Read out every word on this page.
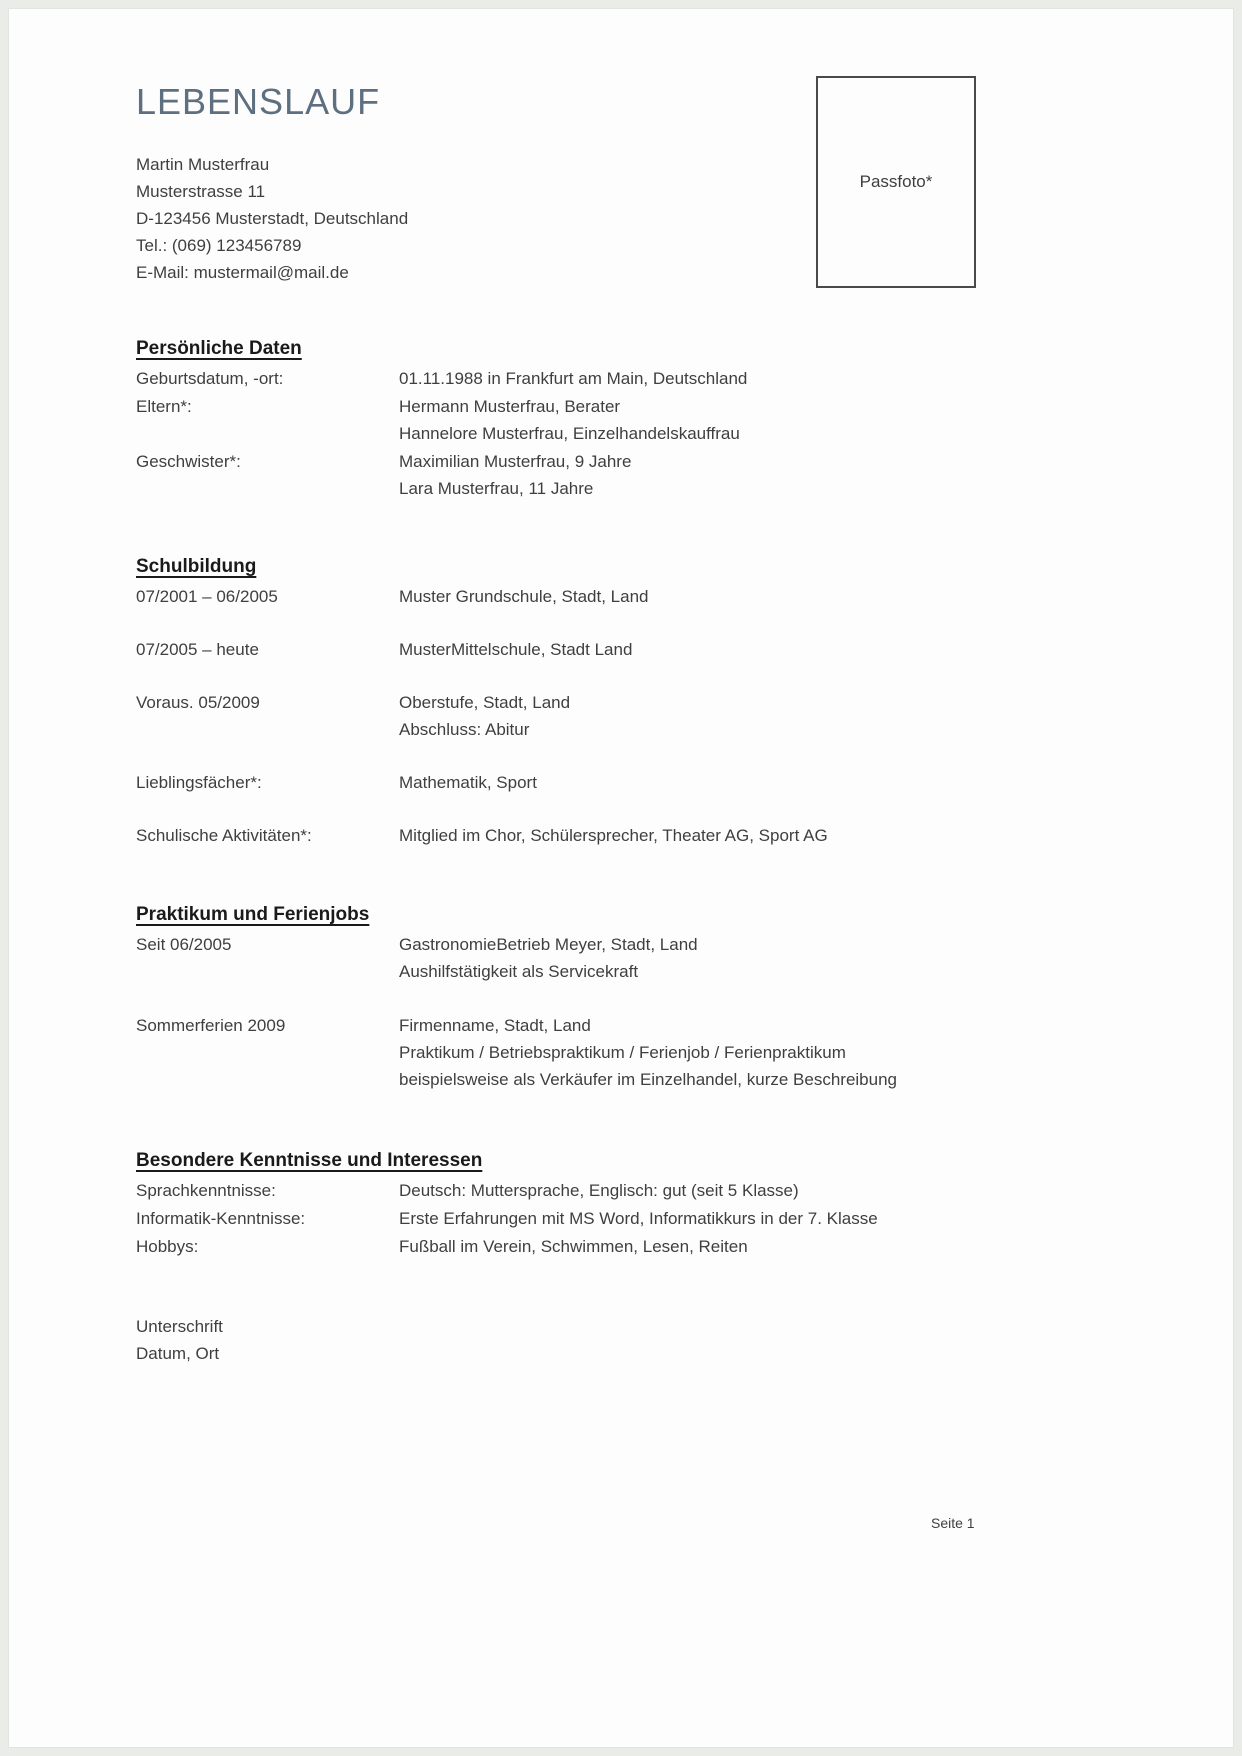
LEBENSLAUF
Martin Musterfrau
Musterstrasse 11
D-123456 Musterstadt, Deutschland
Tel.: (069) 123456789
E-Mail: mustermail@mail.de
Passfoto*
Persönliche Daten
Geburtsdatum, -ort:	01.11.1988 in Frankfurt am Main, Deutschland
Eltern*:	Hermann Musterfrau, Berater
Hannelore Musterfrau, Einzelhandelskauffrau
Geschwister*:	Maximilian Musterfrau, 9 Jahre
Lara Musterfrau, 11 Jahre
Schulbildung
07/2001 – 06/2005	Muster Grundschule, Stadt, Land
07/2005 – heute	MusterMittelschule, Stadt Land
Voraus. 05/2009	Oberstufe, Stadt, Land
Abschluss: Abitur
Lieblingsfächer*:	Mathematik, Sport
Schulische Aktivitäten*:	Mitglied im Chor, Schülersprecher, Theater AG, Sport AG
Praktikum und Ferienjobs
Seit 06/2005	GastronomieBetrieb Meyer, Stadt, Land
Aushilfstätigkeit als Servicekraft
Sommerferien 2009	Firmenname, Stadt, Land
Praktikum / Betriebspraktikum / Ferienjob / Ferienpraktikum
beispielsweise als Verkäufer im Einzelhandel, kurze Beschreibung
Besondere Kenntnisse und Interessen
Sprachkenntnisse:	Deutsch: Muttersprache, Englisch: gut (seit 5 Klasse)
Informatik-Kenntnisse:	Erste Erfahrungen mit MS Word, Informatikkurs in der 7. Klasse
Hobbys:	Fußball im Verein, Schwimmen, Lesen, Reiten
Unterschrift
Datum, Ort
Seite 1
